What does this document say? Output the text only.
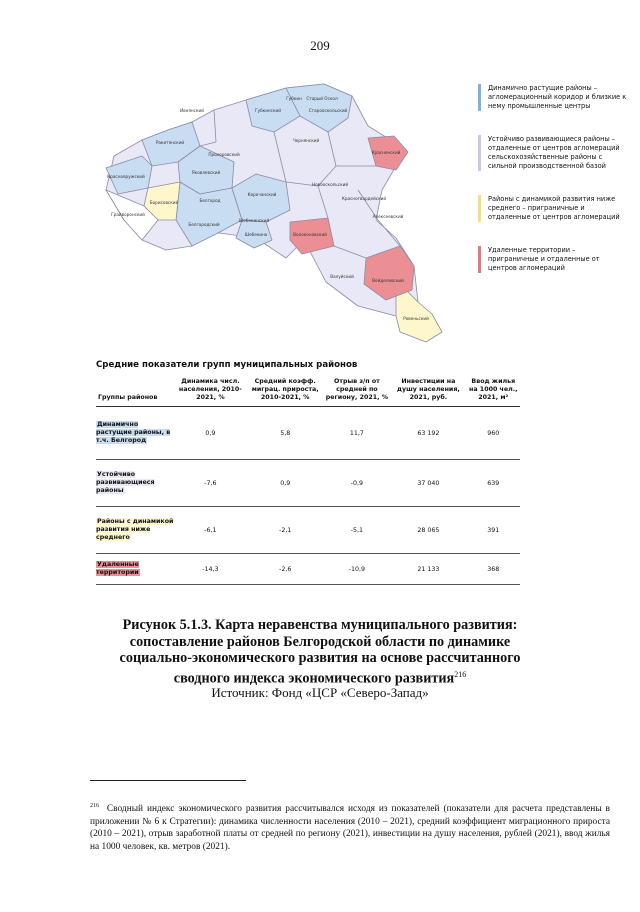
209
Губкинский
Старый Оскол
Губкин
Старооскольский
Ивнянский
Ракитянский
Прохоровский
Чернянский
Красненский
Краснояружский
Яковлевский
Корочанский
Новооскольский
Красногвардейский
Борисовский
Грайворонский
Белгородский
Белгород
Алексеевский
Шебекинский
Волоконовский
Валуйский
Вейделевский
Ровеньский
Шебекино
Динамично растущие районы – агломерационный коридор и близкие к нему промышленные центры
Устойчиво развивающиеся районы – отдаленные от центров агломераций сельскохозяйственные районы с сильной производственной базой
Районы с динамикой развития ниже среднего – приграничные и отдаленные от центров агломераций
Удаленные территории – приграничные и отдаленные от центров агломераций
Средние показатели групп муниципальных районов
Группы районов	Динамика числ. населения, 2010-2021, %	Средний коэфф. миграц. прироста, 2010-2021, %	Отрыв з/п от средней по региону, 2021, %	Инвестиции на душу населения, 2021, руб.	Ввод жилья на 1000 чел., 2021, м²
Динамично растущие районы, в т.ч. Белгород	0,9	5,8	11,7	63 192	960
Устойчиво развивающиеся районы	-7,6	0,9	-0,9	37 040	639
Районы с динамикой развития ниже среднего	-6,1	-2,1	-5,1	28 065	391
Удаленные территории	-14,3	-2,6	-10,9	21 133	368
Рисунок 5.1.3. Карта неравенства муниципального развития: сопоставление районов Белгородской области по динамике социально-экономического развития на основе рассчитанного сводного индекса экономического развития$^{216}$
Источник: Фонд «ЦСР «Северо-Запад»
$^{216}$ Сводный индекс экономического развития рассчитывался исходя из показателей (показатели для расчета представлены в приложении № 6 к Стратегии): динамика численности населения (2010 – 2021), средний коэффициент миграционного прироста (2010 – 2021), отрыв заработной платы от средней по региону (2021), инвестиции на душу населения, рублей (2021), ввод жилья на 1000 человек, кв. метров (2021).
